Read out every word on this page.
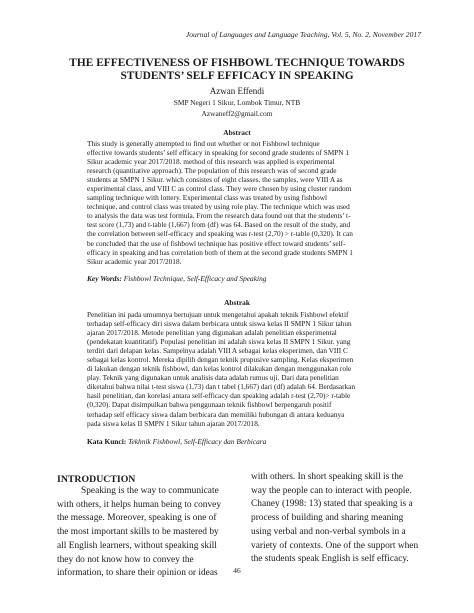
Journal of Languages and Language Teaching, Vol. 5, No. 2, November 2017
THE EFFECTIVENESS OF FISHBOWL TECHNIQUE TOWARDS
STUDENTS’ SELF EFFICACY IN SPEAKING
Azwan Effendi
SMP Negeri 1 Sikur, Lombok Timur, NTB
Azwaneff2@gmail.com
Abstract
This study is generally attempted to find out whether or not Fishbowl technique
effective towards students’ self efficacy in speaking for second grade students of SMPN 1
Sikur academic year 2017/2018. method of this research was applied is experimental
research (quantitative approach). The population of this research was of second grade
students at SMPN 1 Sikur. which consistes of eight classes. the samples, were VIII A as
experimental class, and VIII C as control class. They were chosen by using cluster random
sampling technique with lottery. Experimental class was treated by using fishbowl
technique, and control class was treated by using role play. The technique which was used
to analysis the data was test formula. From the research data found out that the students’ t-
test score (1,73) and t-table (1,667) from (df) was 64. Based on the result of the study, and
the correlation between self-efficacy and speaking was r-test (2,70) > r-table (0,320). It can
be concluded that the use of fishbowl technique has positive effect toward students’ self-
efficacy in speaking and has correlation both of them at the second grade students SMPN 1
Sikur academic year 2017/2018.
Key Words: Fishbowl Technique, Self-Efficacy and Speaking
Abstrak
Penelitian ini pada umumnya bertujuan untuk mengetahui apakah teknik Fishbowl efektif
terhadap self-efficacy diri siswa dalam berbicara untuk siswa kelas II SMPN 1 Sikur tahun
ajaran 2017/2018. Metode penelitian yang digunakan adalah penelitian eksperimental
(pendekatan kuantitatif). Populasi penelitian ini adalah siswa kelas II SMPN 1 Sikur. yang
terdiri dari delapan kelas. Sampelnya adalah VIII A sebagai kelas eksperimen, dan VIII C
sebagai kelas kontrol. Mereka dipilih dengan teknik prupusive sampling. Kelas eksperimen
di lakukan dengan teknik fishbowl, dan kelas kontrol dilakukan dengan menggunakan role
play. Teknik yang digunakan untuk analisis data adalah rumus uji. Dari data penelitian
diketahui bahwa nilai t-test siswa (1,73) dan t tabel (1,667) dari (df) adalah 64. Berdasarkan
hasil penelitian, dan korelasi antara self-efficacy dan speaking adalah r-test (2,70)> r-table
(0,320). Dapat disimpulkan bahwa penggunaan teknik fishbowl berpengaruh positif
terhadap self efficacy siswa dalam berbicara dan memiliki hubungan di antara keduanya
pada siswa kelas II SMPN 1 Sikur tahun ajaran 2017/2018.
Kata Kunci: Tekhnik Fishbowl, Self-Efficacy dan Berbicara
INTRODUCTION
Speaking is the way to communicate
with others, it helps human being to convey
the message. Moreover, speaking is one of
the most important skills to be mastered by
all English learners, without speaking skill
they do not know how to convey the
information, to share their opinion or ideas
with others. In short speaking skill is the
way the people can to interact with people.
Chaney (1998: 13) stated that speaking is a
process of building and sharing meaning
using verbal and non-verbal symbols in a
variety of contexts. One of the support when
the students speak English is self efficacy.
46
